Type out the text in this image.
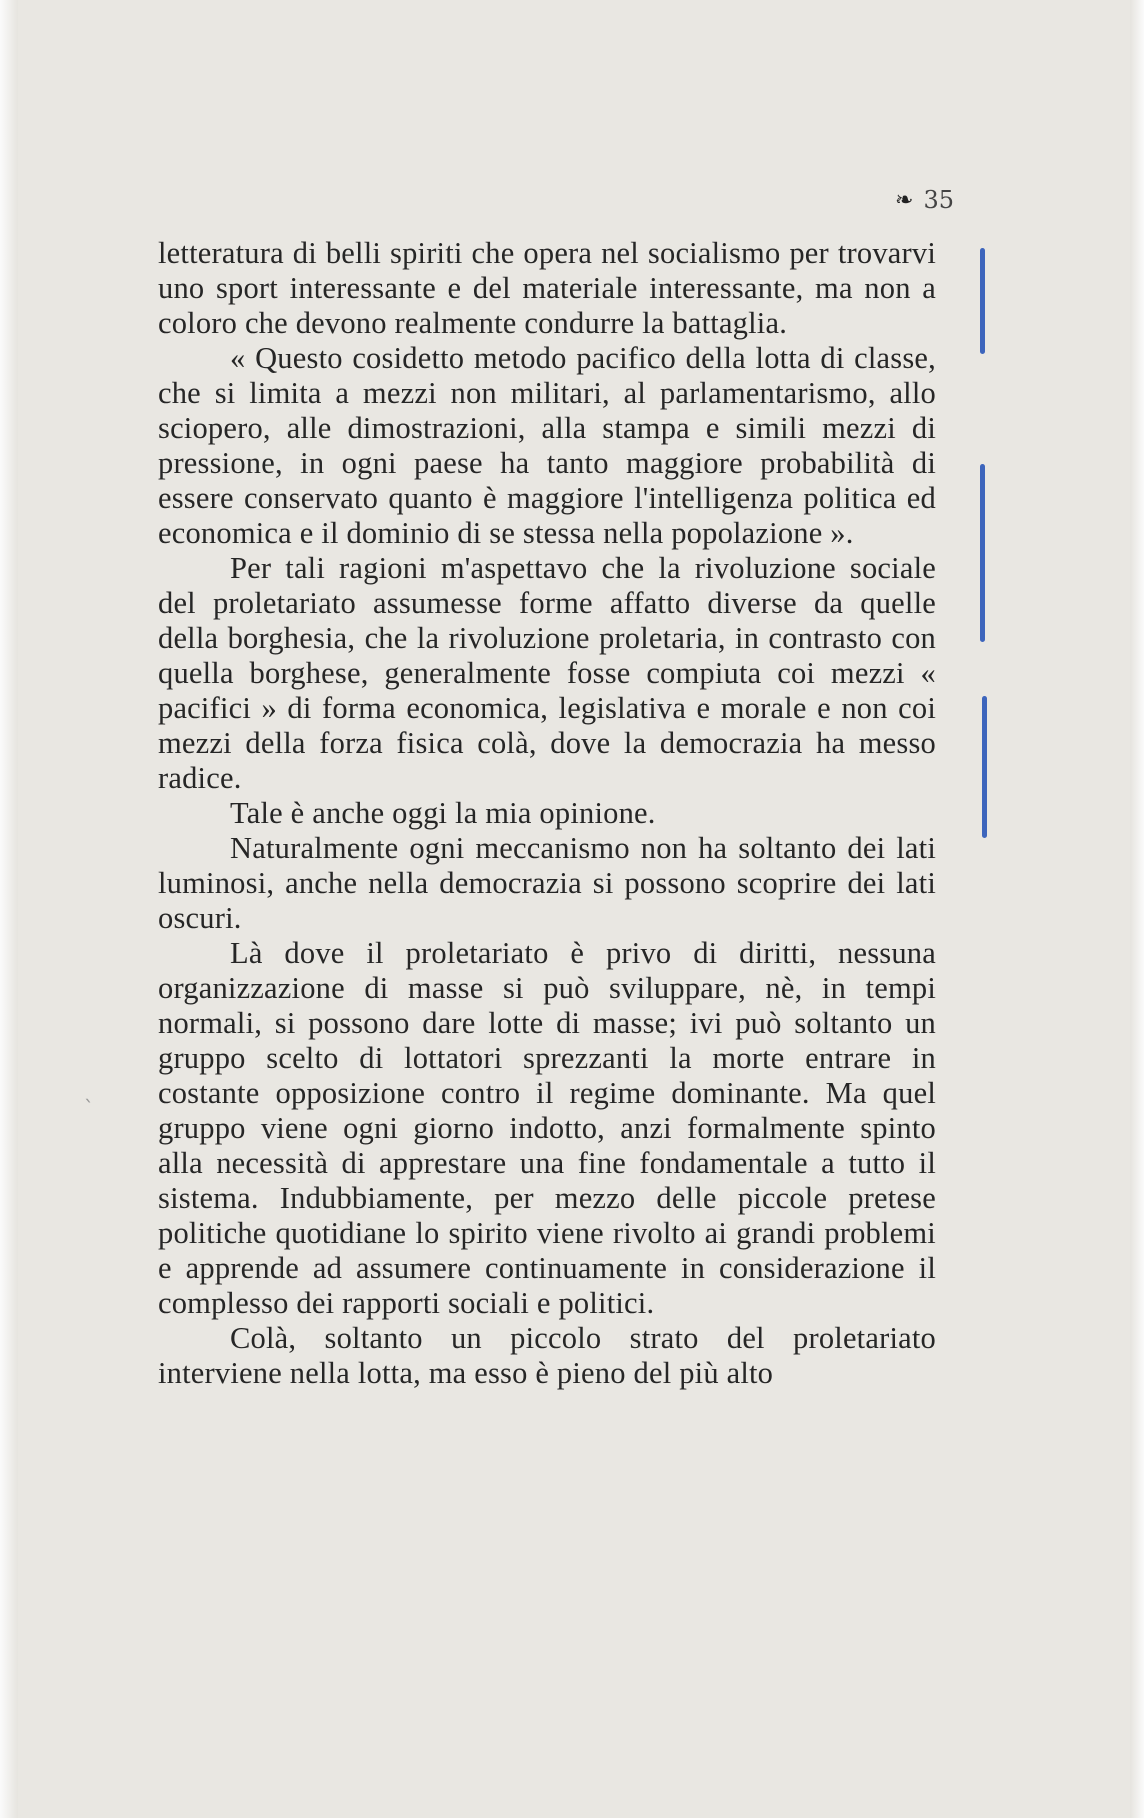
❧ 35
ˋ

letteratura di belli spiriti che opera nel socialismo per trovarvi uno sport interessante e del materiale interessante, ma non a coloro che devono realmente condurre la battaglia.

« Questo cosidetto metodo pacifico della lotta di classe, che si limita a mezzi non militari, al parlamentarismo, allo sciopero, alle dimostrazioni, alla stampa e simili mezzi di pressione, in ogni paese ha tanto maggiore probabilità di essere conservato quanto è maggiore l'intelligenza politica ed economica e il dominio di se stessa nella popolazione ».

Per tali ragioni m'aspettavo che la rivoluzione sociale del proletariato assumesse forme affatto diverse da quelle della borghesia, che la rivoluzione proletaria, in contrasto con quella borghese, generalmente fosse compiuta coi mezzi « pacifici » di forma economica, legislativa e morale e non coi mezzi della forza fisica colà, dove la democrazia ha messo radice.

Tale è anche oggi la mia opinione.

Naturalmente ogni meccanismo non ha soltanto dei lati luminosi, anche nella democrazia si possono scoprire dei lati oscuri.

Là dove il proletariato è privo di diritti, nessuna organizzazione di masse si può sviluppare, nè, in tempi normali, si possono dare lotte di masse; ivi può soltanto un gruppo scelto di lottatori sprezzanti la morte entrare in costante opposizione contro il regime dominante. Ma quel gruppo viene ogni giorno indotto, anzi formalmente spinto alla necessità di apprestare una fine fondamentale a tutto il sistema. Indubbiamente, per mezzo delle piccole pretese politiche quotidiane lo spirito viene rivolto ai grandi problemi e apprende ad assumere continuamente in considerazione il complesso dei rapporti sociali e politici.

Colà, soltanto un piccolo strato del proletariato interviene nella lotta, ma esso è pieno del più alto
